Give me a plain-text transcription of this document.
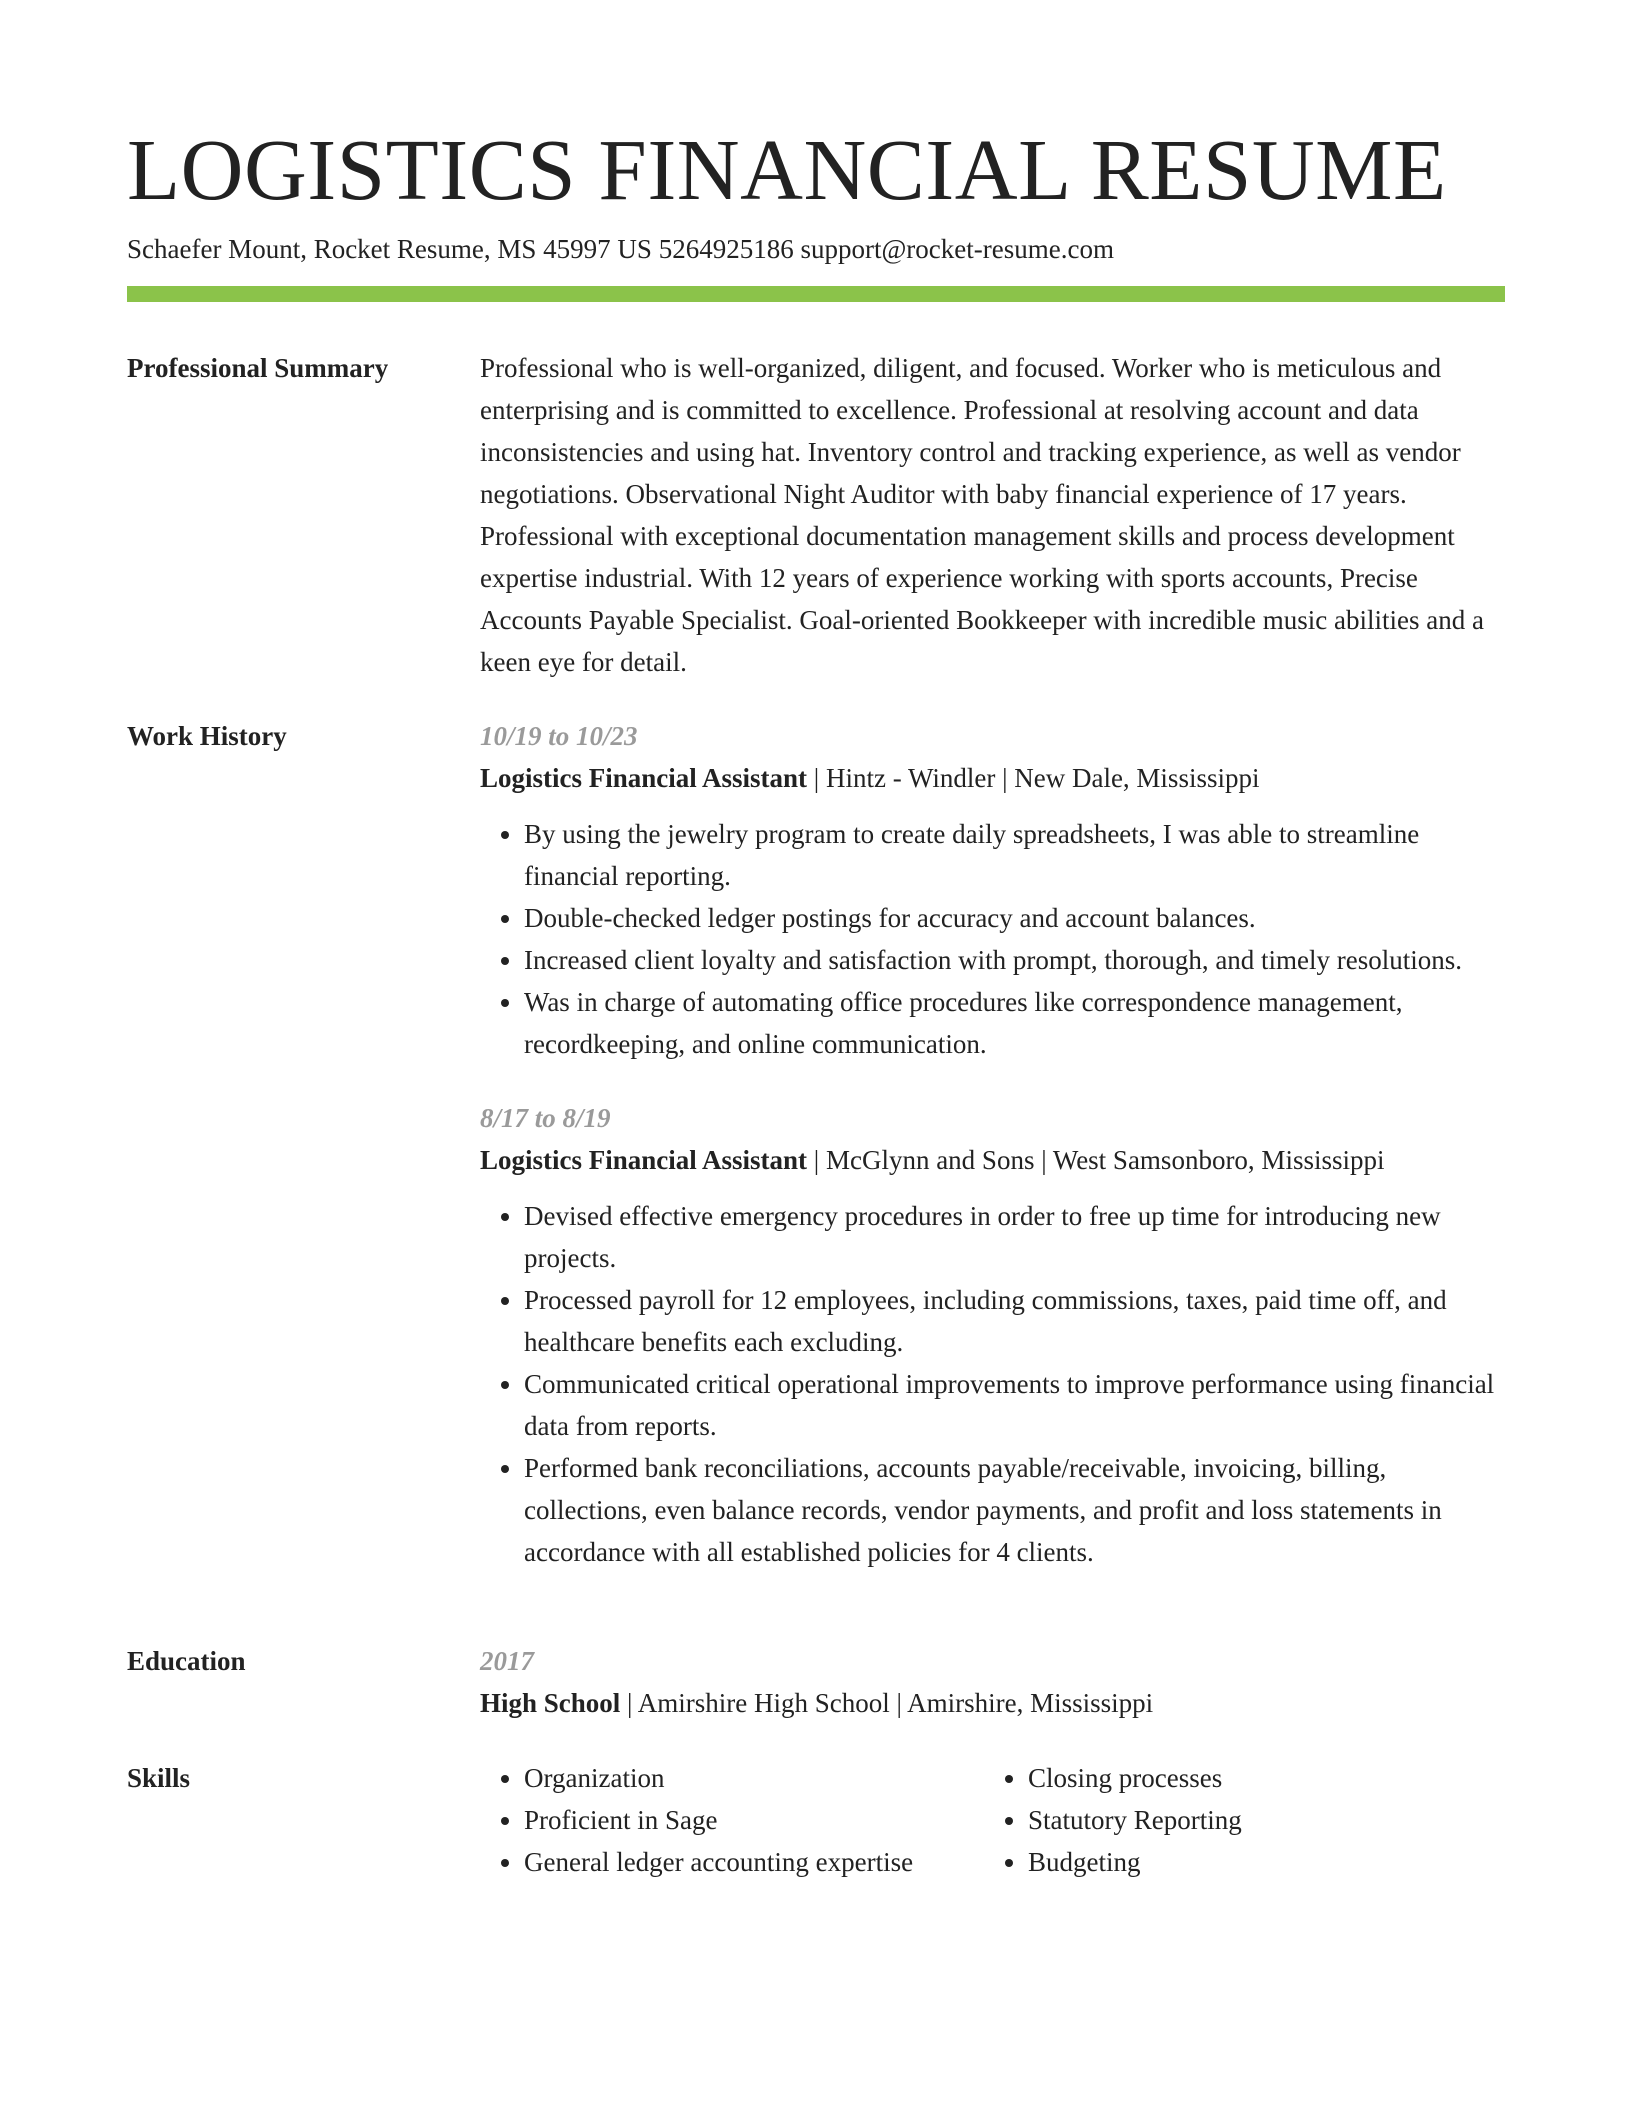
LOGISTICS FINANCIAL RESUME
Schaefer Mount, Rocket Resume, MS 45997 US 5264925186 support@rocket-resume.com
Professional Summary	Professional who is well-organized, diligent, and focused. Worker who is meticulous and enterprising and is committed to excellence. Professional at resolving account and data inconsistencies and using hat. Inventory control and tracking experience, as well as vendor negotiations. Observational Night Auditor with baby financial experience of 17 years. Professional with exceptional documentation management skills and process development expertise industrial. With 12 years of experience working with sports accounts, Precise Accounts Payable Specialist. Goal-oriented Bookkeeper with incredible music abilities and a keen eye for detail.

Work History	10/19 to 10/23

Logistics Financial Assistant | Hintz - Windler | New Dale, Mississippi

• By using the jewelry program to create daily spreadsheets, I was able to streamline financial reporting.
• Double-checked ledger postings for accuracy and account balances.
• Increased client loyalty and satisfaction with prompt, thorough, and timely resolutions.
• Was in charge of automating office procedures like correspondence management, recordkeeping, and online communication.

8/17 to 8/19

Logistics Financial Assistant | McGlynn and Sons | West Samsonboro, Mississippi

• Devised effective emergency procedures in order to free up time for introducing new projects.
• Processed payroll for 12 employees, including commissions, taxes, paid time off, and healthcare benefits each excluding.
• Communicated critical operational improvements to improve performance using financial data from reports.
• Performed bank reconciliations, accounts payable/receivable, invoicing, billing, collections, even balance records, vendor payments, and profit and loss statements in accordance with all established policies for 4 clients.
Education	2017

High School | Amirshire High School | Amirshire, Mississippi

Skills
•	Organization
• Proficient in Sage
• General ledger accounting expertise
• Closing processes
• Statutory Reporting
• Budgeting
